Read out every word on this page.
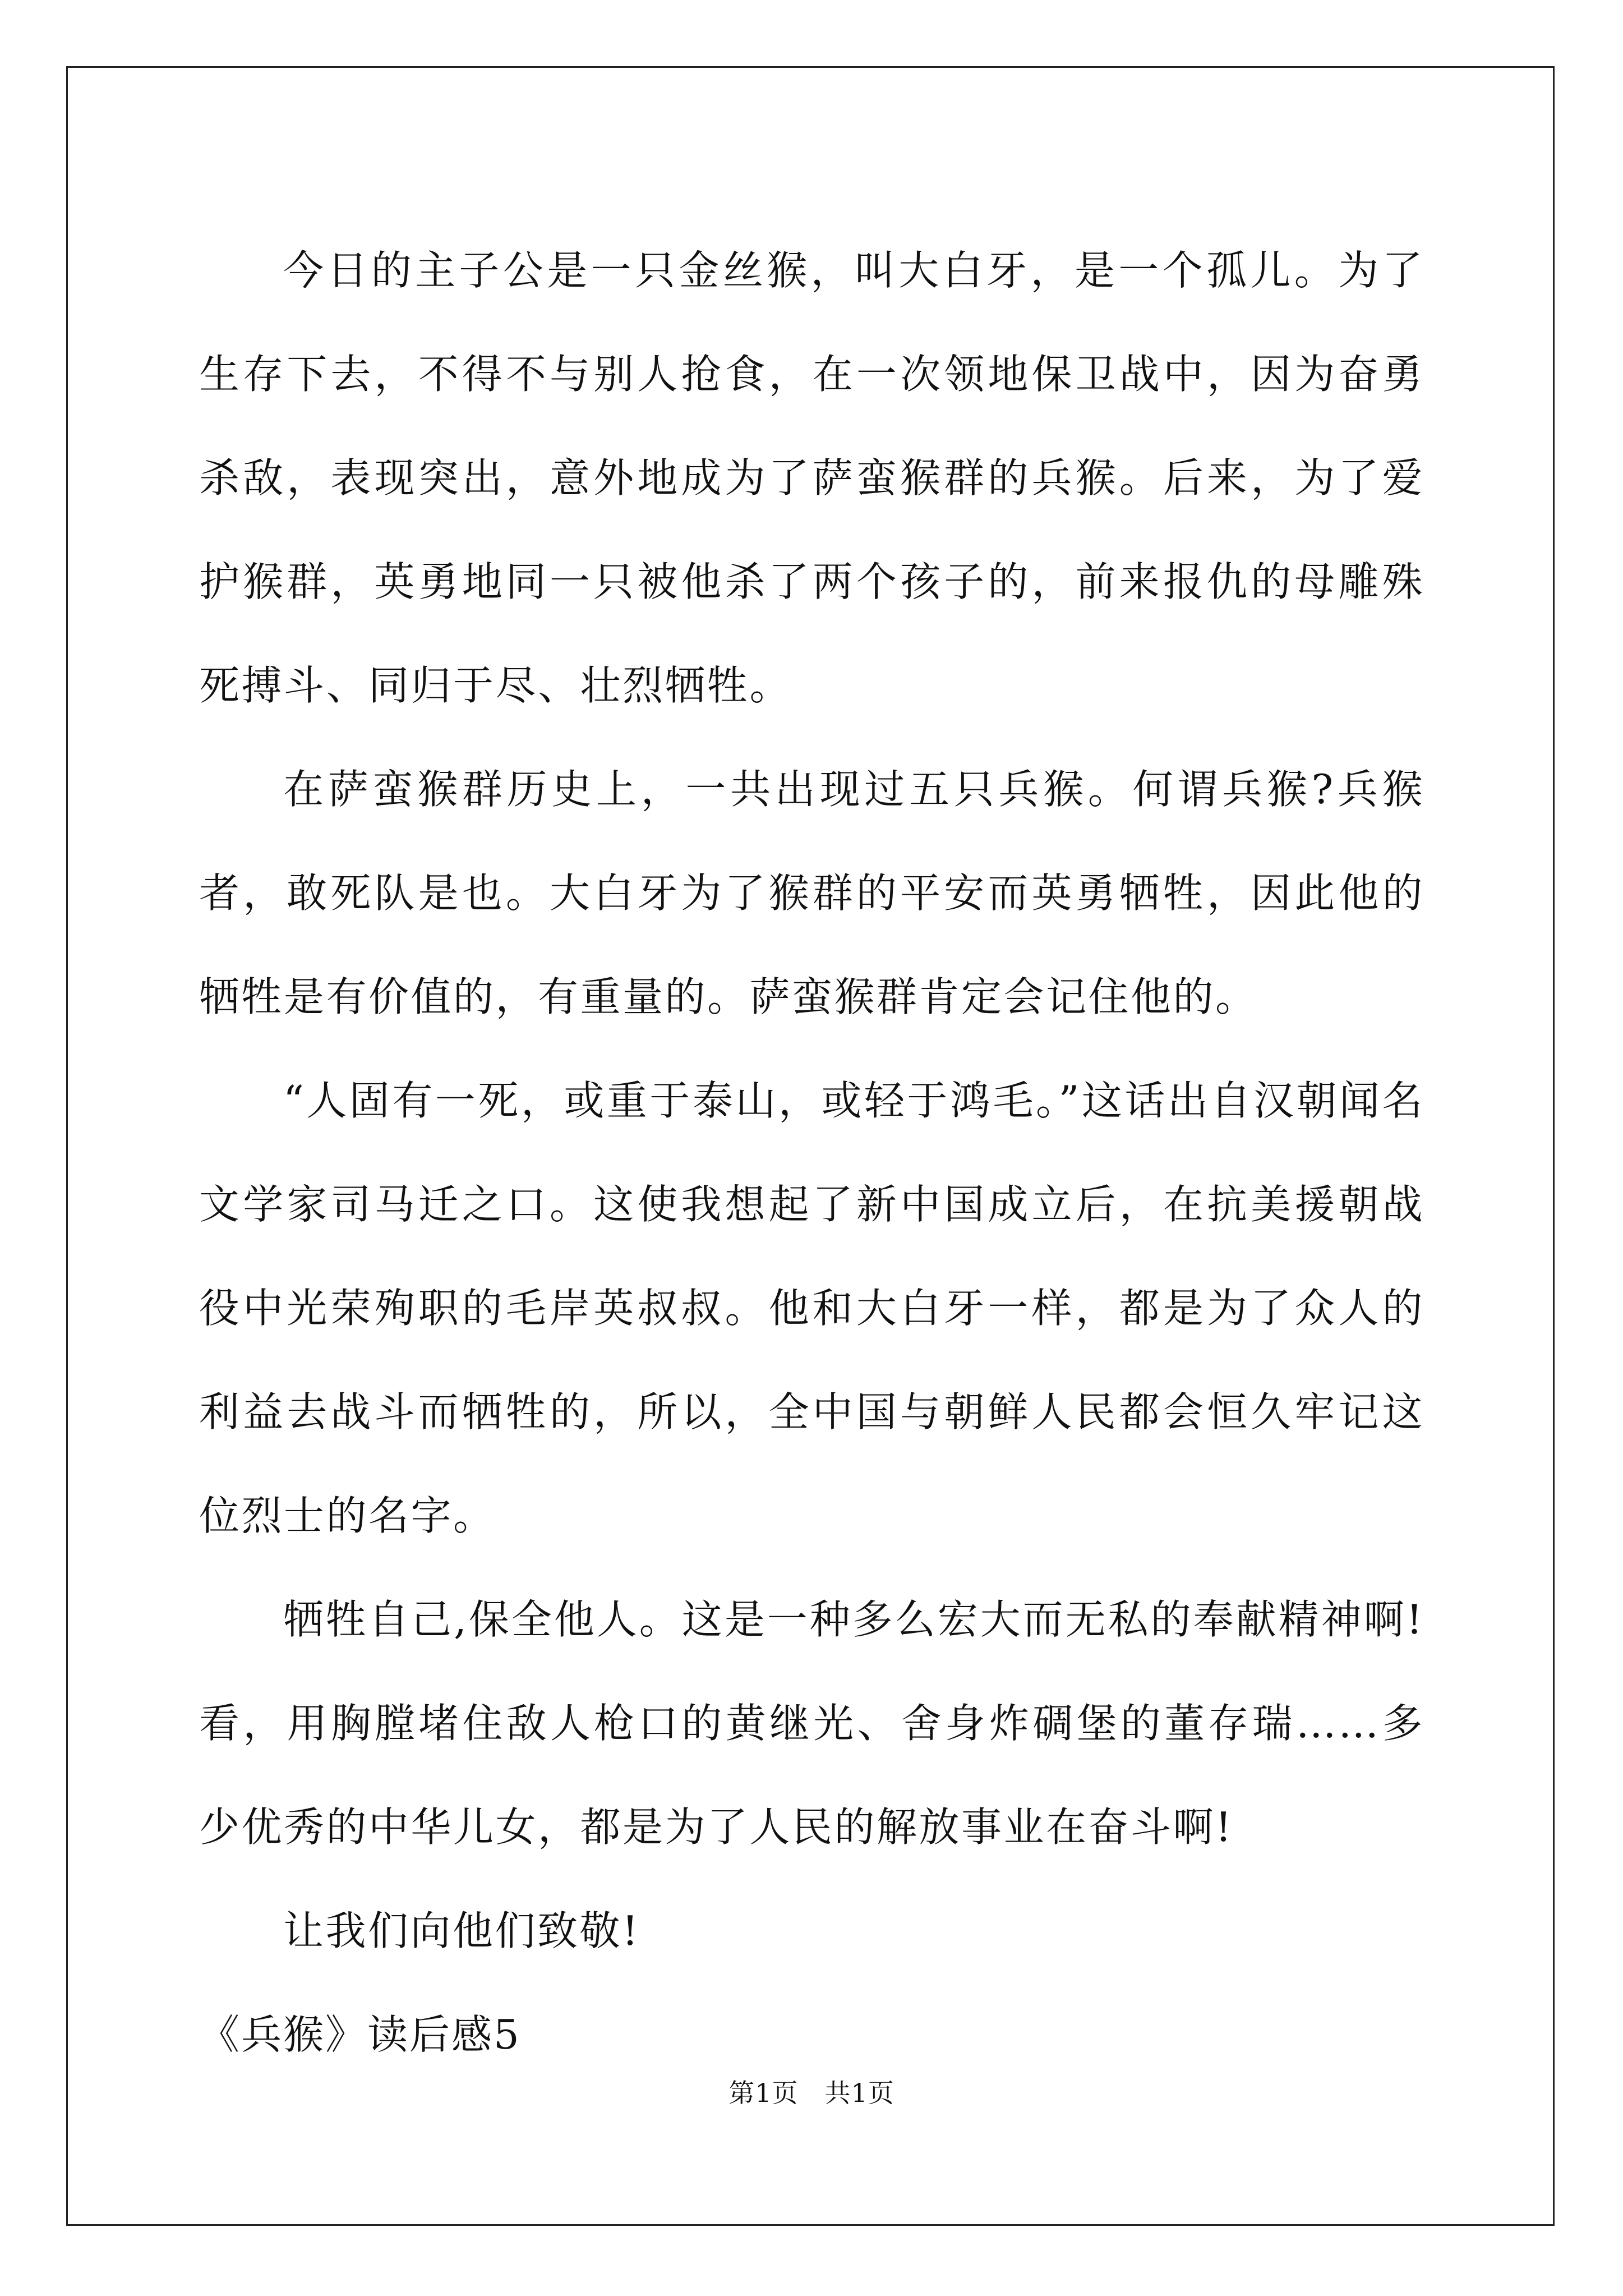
今日的主子公是一只金丝猴，叫大白牙，是一个孤儿。为了生存下去，不得不与别人抢食，在一次领地保卫战中，因为奋勇杀敌，表现突出，意外地成为了萨蛮猴群的兵猴。后来，为了爱护猴群，英勇地同一只被他杀了两个孩子的，前来报仇的母雕殊死搏斗、同归于尽、壮烈牺牲。

在萨蛮猴群历史上，一共出现过五只兵猴。何谓兵猴?兵猴者，敢死队是也。大白牙为了猴群的平安而英勇牺牲，因此他的牺牲是有价值的，有重量的。萨蛮猴群肯定会记住他的。

“人固有一死，或重于泰山，或轻于鸿毛。”这话出自汉朝闻名文学家司马迁之口。这使我想起了新中国成立后，在抗美援朝战役中光荣殉职的毛岸英叔叔。他和大白牙一样，都是为了众人的利益去战斗而牺牲的，所以，全中国与朝鲜人民都会恒久牢记这位烈士的名字。

牺牲自己,保全他人。这是一种多么宏大而无私的奉献精神啊!看，用胸膛堵住敌人枪口的黄继光、舍身炸碉堡的董存瑞……多少优秀的中华儿女，都是为了人民的解放事业在奋斗啊!

让我们向他们致敬!

《兵猴》读后感5

第1页　共1页
